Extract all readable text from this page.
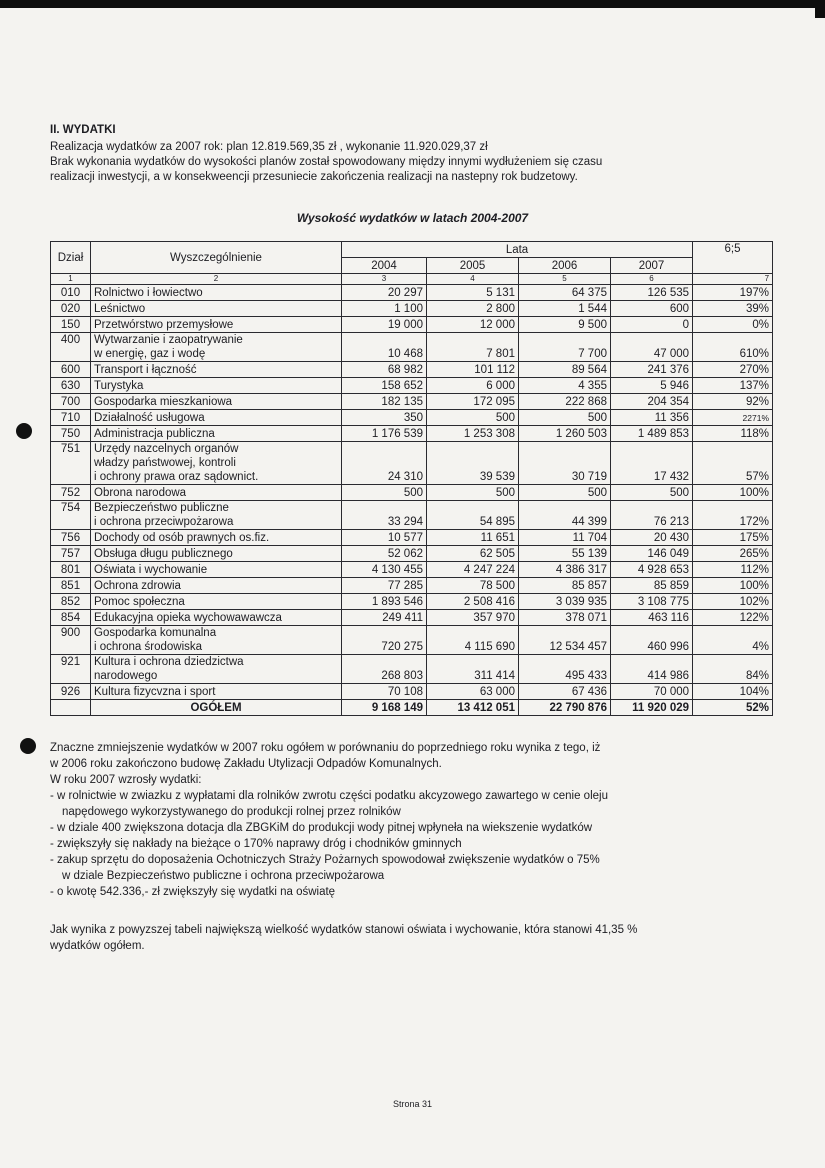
II. WYDATKI

Realizacja wydatków za 2007 rok: plan 12.819.569,35 zł , wykonanie 11.920.029,37 zł

Brak wykonania wydatków do wysokości planów został spowodowany między innymi wydłużeniem się czasu

realizacji inwestycji, a w konsekweencji przesuniecie zakończenia realizacji na nastepny rok budzetowy.

Wysokość wydatków w latach 2004-2007
Dział	Wyszczególnienie	Lata				6;5
		2004	2005	2006	2007	
1	2	3	4	5	6	7
010	Rolnictwo i łowiectwo	20 297	5 131	64 375	126 535	197%
020	Leśnictwo	1 100	2 800	1 544	600	39%
150	Przetwórstwo przemysłowe	19 000	12 000	9 500	0	0%
400	Wytwarzanie i zaopatrywanie
w energię, gaz i wodę	10 468	7 801	7 700	47 000	610%
600	Transport i łączność	68 982	101 112	89 564	241 376	270%
630	Turystyka	158 652	6 000	4 355	5 946	137%
700	Gospodarka mieszkaniowa	182 135	172 095	222 868	204 354	92%
710	Działalność usługowa	350	500	500	11 356	2271%
750	Administracja publiczna	1 176 539	1 253 308	1 260 503	1 489 853	118%
751	Urzędy nazcelnych organów
władzy państwowej, kontroli
i ochrony prawa oraz sądownict.	24 310	39 539	30 719	17 432	57%
752	Obrona narodowa	500	500	500	500	100%
754	Bezpieczeństwo publiczne
i ochrona przeciwpożarowa	33 294	54 895	44 399	76 213	172%
756	Dochody od osób prawnych os.fiz.	10 577	11 651	11 704	20 430	175%
757	Obsługa długu publicznego	52 062	62 505	55 139	146 049	265%
801	Oświata i wychowanie	4 130 455	4 247 224	4 386 317	4 928 653	112%
851	Ochrona zdrowia	77 285	78 500	85 857	85 859	100%
852	Pomoc społeczna	1 893 546	2 508 416	3 039 935	3 108 775	102%
854	Edukacyjna opieka wychowawawcza	249 411	357 970	378 071	463 116	122%
900	Gospodarka komunalna
i ochrona środowiska	720 275	4 115 690	12 534 457	460 996	4%
921	Kultura i ochrona dziedzictwa
narodowego	268 803	311 414	495 433	414 986	84%
926	Kultura fizycvzna i sport	70 108	63 000	67 436	70 000	104%
	OGÓŁEM	9 168 149	13 412 051	22 790 876	11 920 029	52%

Znaczne zmniejszenie wydatków w 2007 roku ogółem w porównaniu do poprzedniego roku wynika z tego, iż

w 2006 roku zakończono budowę Zakładu Utylizacji Odpadów Komunalnych.

W roku 2007 wzrosły wydatki:

- w rolnictwie w zwiazku z wypłatami dla rolników zwrotu części podatku akcyzowego zawartego w cenie oleju
napędowego wykorzystywanego do produkcji rolnej przez rolników
- w dziale 400 zwiększona dotacja dla ZBGKiM do produkcji wody pitnej wpłyneła na wiekszenie wydatków
- zwiększyły się nakłady na bieżące o 170% naprawy dróg i chodników gminnych
- zakup sprzętu do doposażenia Ochotniczych Straży Pożarnych spowodował zwiększenie wydatków o 75%
w dziale Bezpieczeństwo publiczne i ochrona przeciwpożarowa
- o kwotę 542.336,- zł zwiększyły się wydatki na oświatę

Jak wynika z powyzszej tabeli największą wielkość wydatków stanowi oświata i wychowanie, która stanowi 41,35 %

wydatków ogółem.

Strona 31
